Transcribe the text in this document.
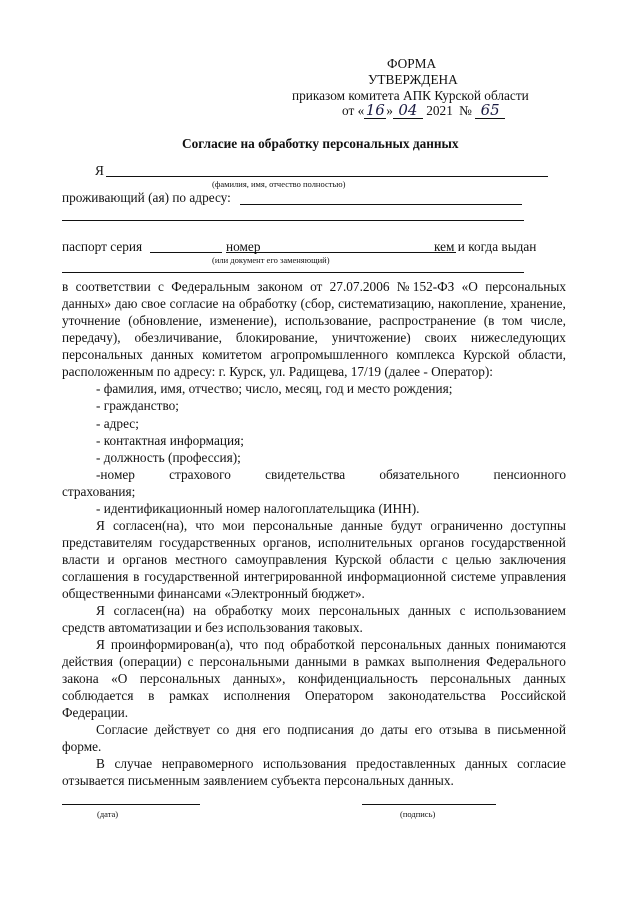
ФОРМА
УТВЕРЖДЕНА
приказом комитета АПК Курской области
от «16» 04 2021 № 65
Согласие на обработку персональных данных
Я
(фамилия, имя, отчество полностью)
проживающий (ая) по адресу:
паспорт серия	номер	кем и когда выдан
(или документ его заменяющий)
в соответствии с Федеральным законом от 27.07.2006 № 152-ФЗ «О персональных
данных» даю свое согласие на обработку (сбор, систематизацию, накопление, хранение,
уточнение (обновление, изменение), использование, распространение (в том числе,
передачу), обезличивание, блокирование, уничтожение) своих нижеследующих
персональных данных комитетом агропромышленного комплекса Курской области,
расположенным по адресу: г. Курск, ул. Радищева, 17/19 (далее - Оператор):
- фамилия, имя, отчество; число, месяц, год и место рождения;
- гражданство;
- адрес;
- контактная информация;
- должность (профессия);
-номер	страхового	свидетельства	обязательного	пенсионного
страхования;
- идентификационный номер налогоплательщика (ИНН).
Я согласен(на), что мои персональные данные будут ограниченно доступны
представителям государственных органов, исполнительных органов государственной
власти и органов местного самоуправления Курской области с целью заключения
соглашения в государственной интегрированной информационной системе управления
общественными финансами «Электронный бюджет».
Я согласен(на) на обработку моих персональных данных с использованием
средств автоматизации и без использования таковых.
Я проинформирован(а), что под обработкой персональных данных понимаются
действия (операции) с персональными данными в рамках выполнения Федерального
закона «О персональных данных», конфиденциальность персональных данных
соблюдается в рамках исполнения Оператором законодательства Российской
Федерации.
Согласие действует со дня его подписания до даты его отзыва в письменной
форме.
В случае неправомерного использования предоставленных данных согласие
отзывается письменным заявлением субъекта персональных данных.
(дата)	(подпись)
